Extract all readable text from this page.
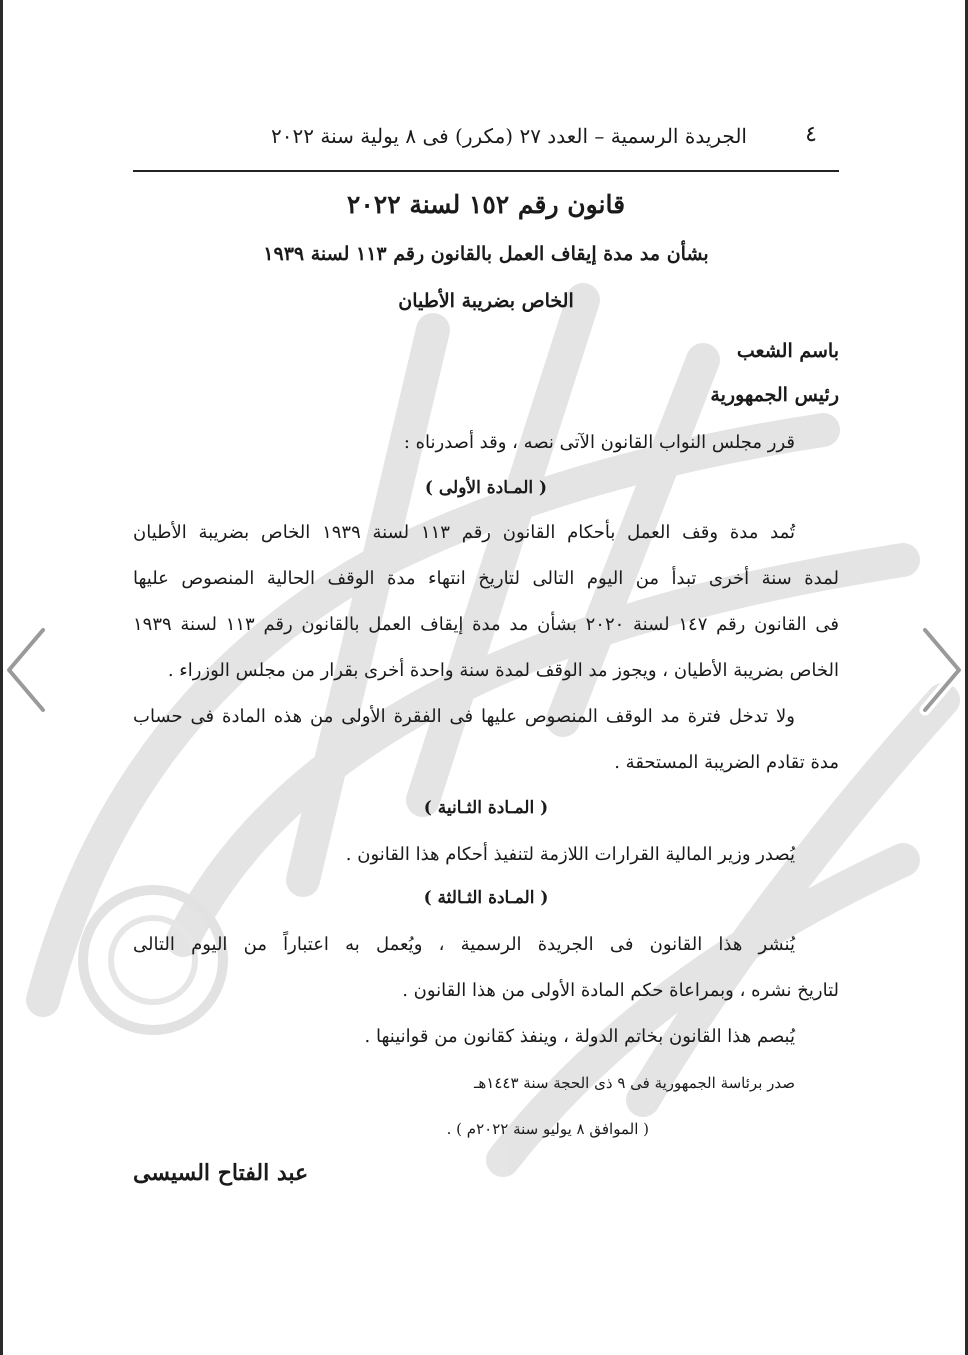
٤
الجريدة الرسمية – العدد ٢٧ (مكرر) فى ٨ يولية سنة ٢٠٢٢
قانون رقم ١٥٢ لسنة ٢٠٢٢
بشأن مد مدة إيقاف العمل بالقانون رقم ١١٣ لسنة ١٩٣٩
الخاص بضريبة الأطيان
باسم الشعب
رئيس الجمهورية
قرر مجلس النواب القانون الآتى نصه ، وقد أصدرناه :
( المـادة الأولى )
تُمد مدة وقف العمل بأحكام القانون رقم ١١٣ لسنة ١٩٣٩ الخاص بضريبة الأطيان
لمدة سنة أخرى تبدأ من اليوم التالى لتاريخ انتهاء مدة الوقف الحالية المنصوص عليها
فى القانون رقم ١٤٧ لسنة ٢٠٢٠ بشأن مد مدة إيقاف العمل بالقانون رقم ١١٣ لسنة ١٩٣٩
الخاص بضريبة الأطيان ، ويجوز مد الوقف لمدة سنة واحدة أخرى بقرار من مجلس الوزراء .
ولا تدخل فترة مد الوقف المنصوص عليها فى الفقرة الأولى من هذه المادة فى حساب
مدة تقادم الضريبة المستحقة .
( المـادة الثـانية )
يُصدر وزير المالية القرارات اللازمة لتنفيذ أحكام هذا القانون .
( المـادة الثـالثة )
يُنشر هذا القانون فى الجريدة الرسمية ، ويُعمل به اعتباراً من اليوم التالى
لتاريخ نشره ، وبمراعاة حكم المادة الأولى من هذا القانون .
يُبصم هذا القانون بخاتم الدولة ، وينفذ كقانون من قوانينها .
صدر برئاسة الجمهورية فى ٩ ذى الحجة سنة ١٤٤٣هـ
( الموافق ٨ يوليو سنة ٢٠٢٢م ) .
عبد الفتاح السيسى
